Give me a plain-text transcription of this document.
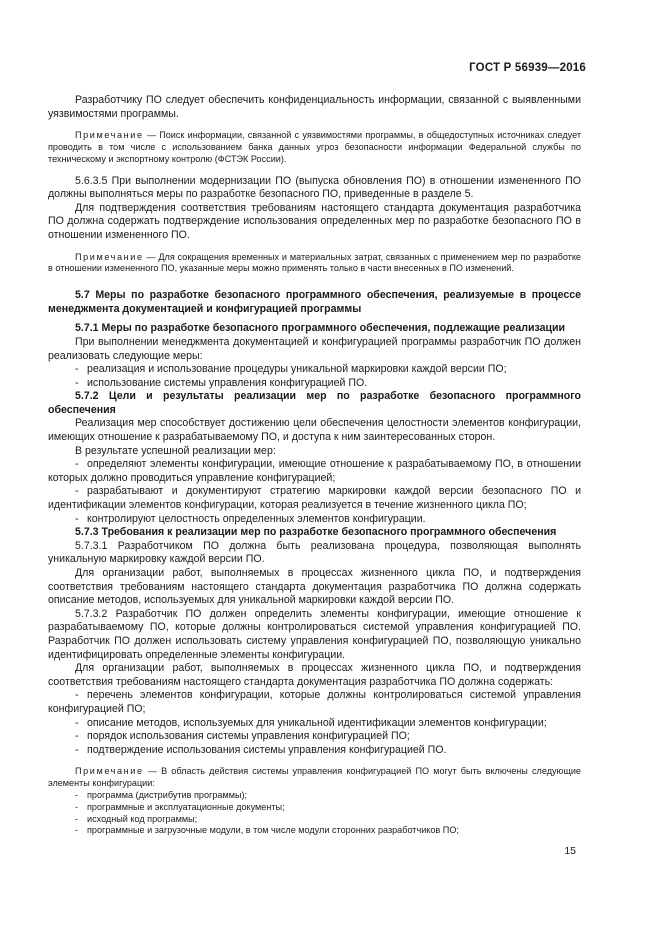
ГОСТ Р 56939—2016

Разработчику ПО следует обеспечить конфиденциальность информации, связанной с выявленными уязвимостями программы.

Примечание — Поиск информации, связанной с уязвимостями программы, в общедоступных источниках следует проводить в том числе с использованием банка данных угроз безопасности информации Федеральной службы по техническому и экспортному контролю (ФСТЭК России).

5.6.3.5 При выполнении модернизации ПО (выпуска обновления ПО) в отношении измененного ПО должны выполняться меры по разработке безопасного ПО, приведенные в разделе 5.

Для подтверждения соответствия требованиям настоящего стандарта документация разработчика ПО должна содержать подтверждение использования определенных мер по разработке безопасного ПО в отношении измененного ПО.

Примечание — Для сокращения временных и материальных затрат, связанных с применением мер по разработке в отношении измененного ПО, указанные меры можно применять только в части внесенных в ПО изменений.

5.7 Меры по разработке безопасного программного обеспечения, реализуемые в процессе менеджмента документацией и конфигурацией программы

5.7.1 Меры по разработке безопасного программного обеспечения, подлежащие реализации

При выполнении менеджмента документацией и конфигурацией программы разработчик ПО должен реализовать следующие меры:

- реализация и использование процедуры уникальной маркировки каждой версии ПО;

- использование системы управления конфигурацией ПО.

5.7.2 Цели и результаты реализации мер по разработке безопасного программного обеспечения

Реализация мер способствует достижению цели обеспечения целостности элементов конфигурации, имеющих отношение к разрабатываемому ПО, и доступа к ним заинтересованных сторон.

В результате успешной реализации мер:

- определяют элементы конфигурации, имеющие отношение к разрабатываемому ПО, в отношении которых должно проводиться управление конфигурацией;

- разрабатывают и документируют стратегию маркировки каждой версии безопасного ПО и идентификации элементов конфигурации, которая реализуется в течение жизненного цикла ПО;

- контролируют целостность определенных элементов конфигурации.

5.7.3 Требования к реализации мер по разработке безопасного программного обеспечения

5.7.3.1 Разработчиком ПО должна быть реализована процедура, позволяющая выполнять уникальную маркировку каждой версии ПО.

Для организации работ, выполняемых в процессах жизненного цикла ПО, и подтверждения соответствия требованиям настоящего стандарта документация разработчика ПО должна содержать описание методов, используемых для уникальной маркировки каждой версии ПО.

5.7.3.2 Разработчик ПО должен определить элементы конфигурации, имеющие отношение к разрабатываемому ПО, которые должны контролироваться системой управления конфигурацией ПО. Разработчик ПО должен использовать систему управления конфигурацией ПО, позволяющую уникально идентифицировать определенные элементы конфигурации.

Для организации работ, выполняемых в процессах жизненного цикла ПО, и подтверждения соответствия требованиям настоящего стандарта документация разработчика ПО должна содержать:

- перечень элементов конфигурации, которые должны контролироваться системой управления конфигурацией ПО;

- описание методов, используемых для уникальной идентификации элементов конфигурации;

- порядок использования системы управления конфигурацией ПО;

- подтверждение использования системы управления конфигурацией ПО.

Примечание — В область действия системы управления конфигурацией ПО могут быть включены следующие элементы конфигурации:

- программа (дистрибутив программы);

- программные и эксплуатационные документы;

- исходный код программы;

- программные и загрузочные модули, в том числе модули сторонних разработчиков ПО;

15
